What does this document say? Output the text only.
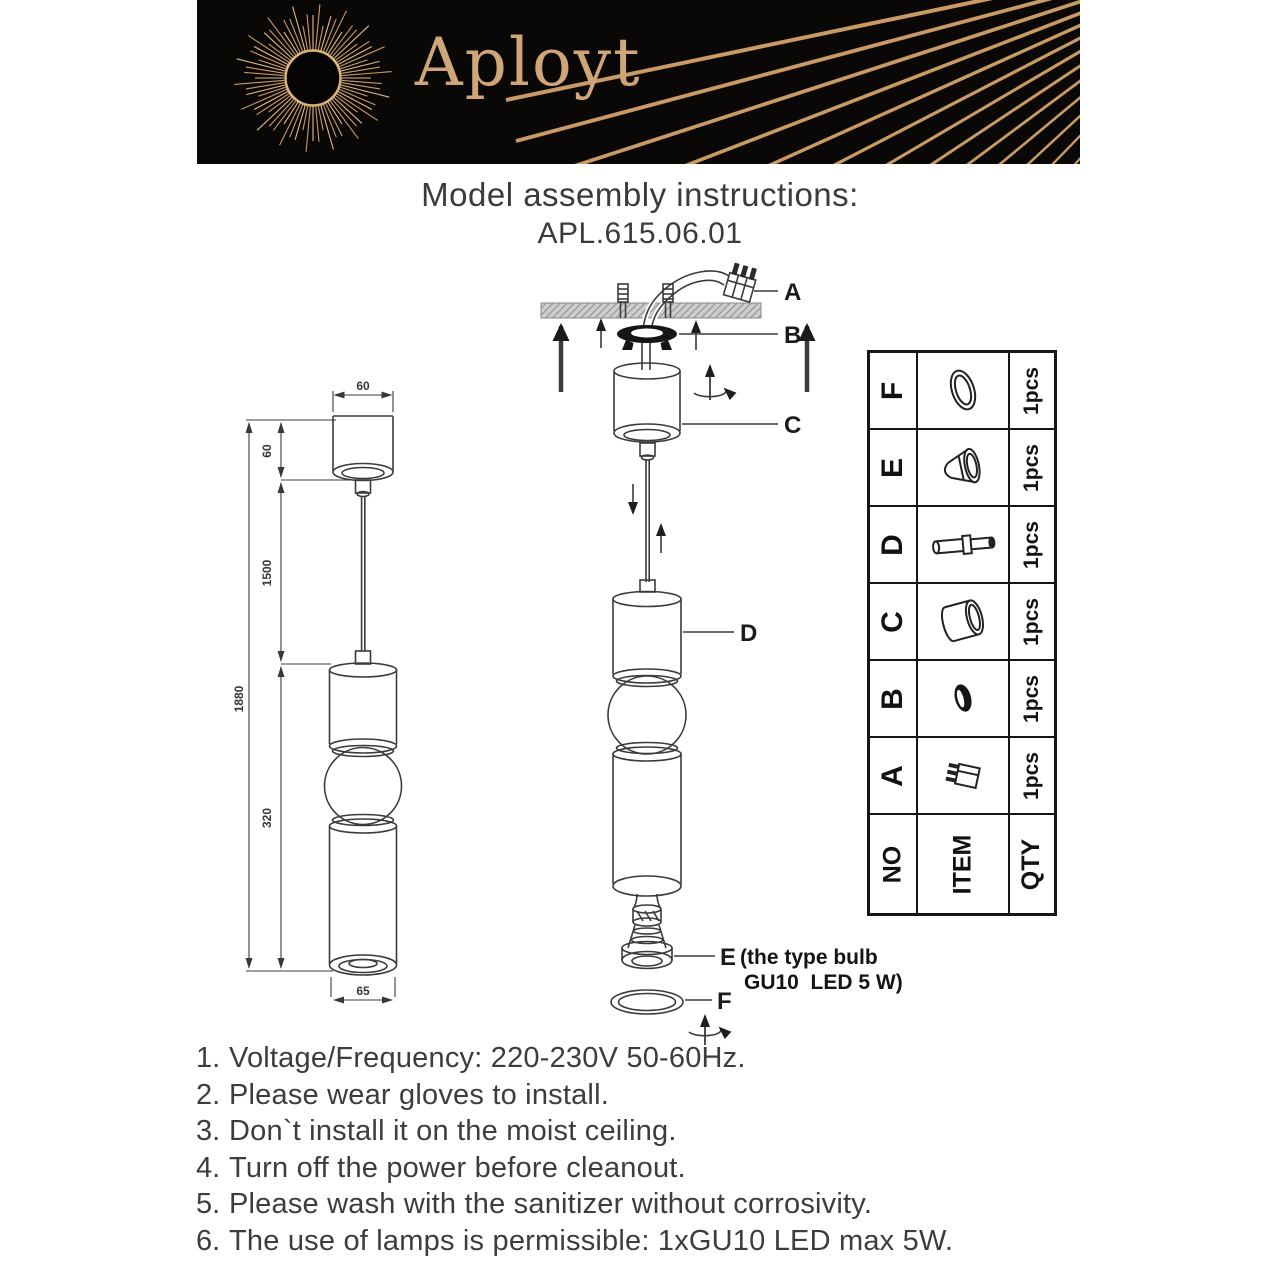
Aployt
Model assembly instructions:
APL.615.06.01
60
1880
60
1500
320
65
A
B
C
D
E
F
(the type bulb
GU10  LED 5 W)
F	1pcs
E	1pcs
D	1pcs
C	1pcs
B	1pcs
A	1pcs
NO ITEM QTY
1. Voltage/Frequency: 220-230V 50-60Hz.
2. Please wear gloves to install.
3. Don`t install it on the moist ceiling.
4. Turn off the power before cleanout.
5. Please wash with the sanitizer without corrosivity.
6. The use of lamps is permissible: 1xGU10 LED max 5W.
